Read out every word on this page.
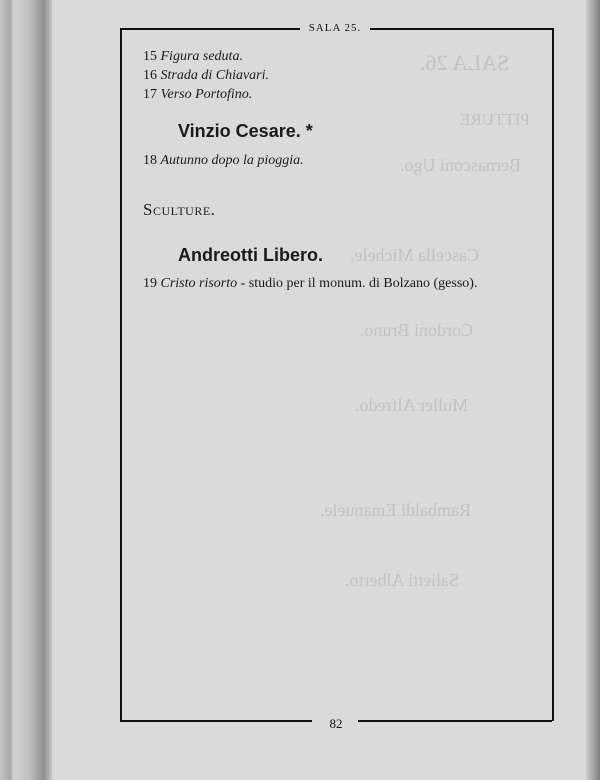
SALA 26.
PITTURE
Bernasconi Ugo.
Cascella Michele.
Cordoni Bruno.
Muller Alfredo.
Rambaldi Emanuele.
Salietti Alberto.
SALA 25.
82
15 Figura seduta.
16 Strada di Chiavari.
17 Verso Portofino.
Vinzio Cesare. *
18 Autunno dopo la pioggia.
Sculture.
Andreotti Libero.
19 Cristo risorto - studio per il monum. di Bolzano (gesso).
